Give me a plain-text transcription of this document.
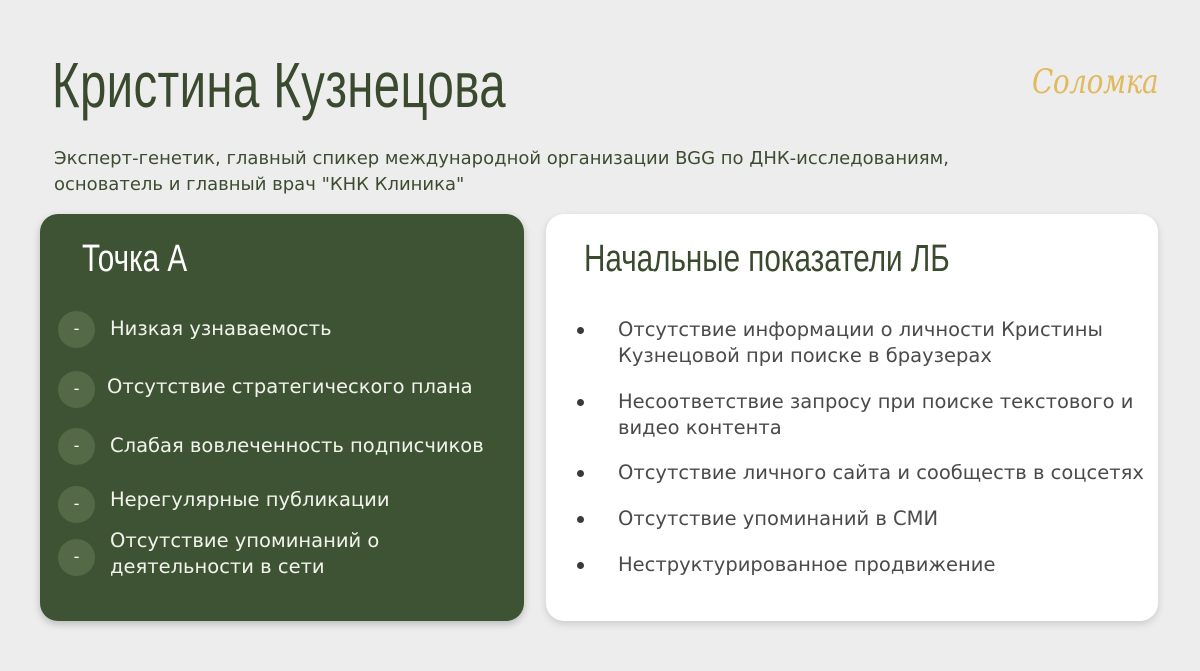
Кристина Кузнецова	Соломка

Эксперт-генетик, главный спикер международной организации BGG по ДНК-исследованиям,
основатель и главный врач "КНК Клиника"

Точка А
-	Низкая узнаваемость
-	Отсутствие стратегического плана
-	Слабая вовлеченность подписчиков
-	Нерегулярные публикации
-
Отсутствие упоминаний о
деятельности в сети
Начальные показатели ЛБ
Отсутствие информации о личности Кристины
Кузнецовой при поиске в браузерах
Несоответствие запросу при поиске текстового и
видео контента
Отсутствие личного сайта и сообществ в соцсетях
Отсутствие упоминаний в СМИ
Неструктурированное продвижение
